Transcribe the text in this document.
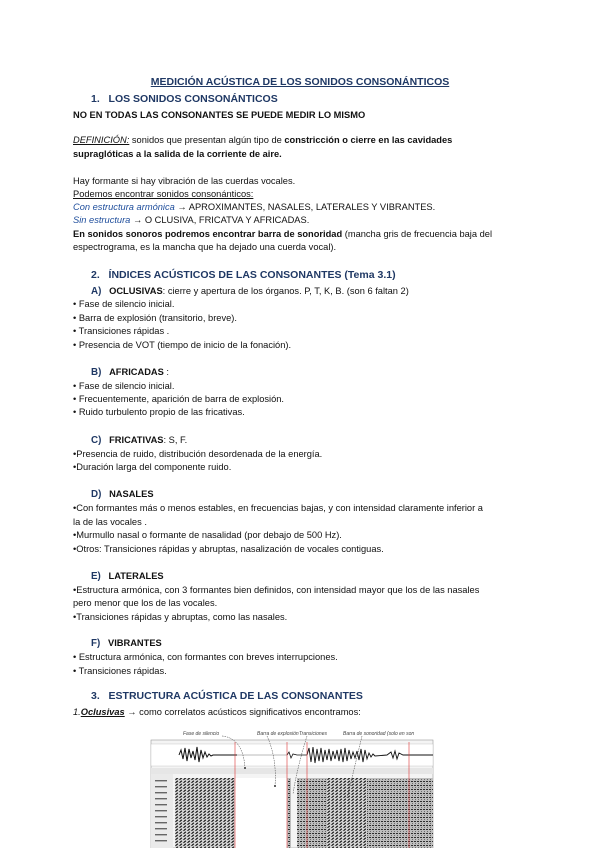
MEDICIÓN ACÚSTICA DE LOS SONIDOS CONSONÁNTICOS
1. LOS SONIDOS CONSONÁNTICOS
NO EN TODAS LAS CONSONANTES SE PUEDE MEDIR LO MISMO
DEFINICIÓN: sonidos que presentan algún tipo de constricción o cierre en las cavidades
supraglóticas a la salida de la corriente de aire.
Hay formante si hay vibración de las cuerdas vocales.
Podemos encontrar sonidos consonánticos:
Con estructura armónica → APROXIMANTES, NASALES, LATERALES Y VIBRANTES.
Sin estructura → O CLUSIVA, FRICATVA Y AFRICADAS.
En sonidos sonoros podremos encontrar barra de sonoridad (mancha gris de frecuencia baja del
espectrograma, es la mancha que ha dejado una cuerda vocal).
2. ÍNDICES ACÚSTICOS DE LAS CONSONANTES (Tema 3.1)
A) OCLUSIVAS: cierre y apertura de los órganos. P, T, K, B. (son 6 faltan 2)
• Fase de silencio inicial.
• Barra de explosión (transitorio, breve).
• Transiciones rápidas .
• Presencia de VOT (tiempo de inicio de la fonación).
B) AFRICADAS :
• Fase de silencio inicial.
• Frecuentemente, aparición de barra de explosión.
• Ruido turbulento propio de las fricativas.
C) FRICATIVAS: S, F.
•Presencia de ruido, distribución desordenada de la energía.
•Duración larga del componente ruido.
D) NASALES
•Con formantes más o menos estables, en frecuencias bajas, y con intensidad claramente inferior a
la de las vocales .
•Murmullo nasal o formante de nasalidad (por debajo de 500 Hz).
•Otros: Transiciones rápidas y abruptas, nasalización de vocales contiguas.
E) LATERALES
•Estructura armónica, con 3 formantes bien definidos, con intensidad mayor que los de las nasales
pero menor que los de las vocales.
•Transiciones rápidas y abruptas, como las nasales.
F) VIBRANTES
• Estructura armónica, con formantes con breves interrupciones.
• Transiciones rápidas.
3. ESTRUCTURA ACÚSTICA DE LAS CONSONANTES
1.Oclusivas → como correlatos acústicos significativos encontramos:
Fase de silencio	Barra de explosión Transiciones	Barra de sonoridad (solo en son
